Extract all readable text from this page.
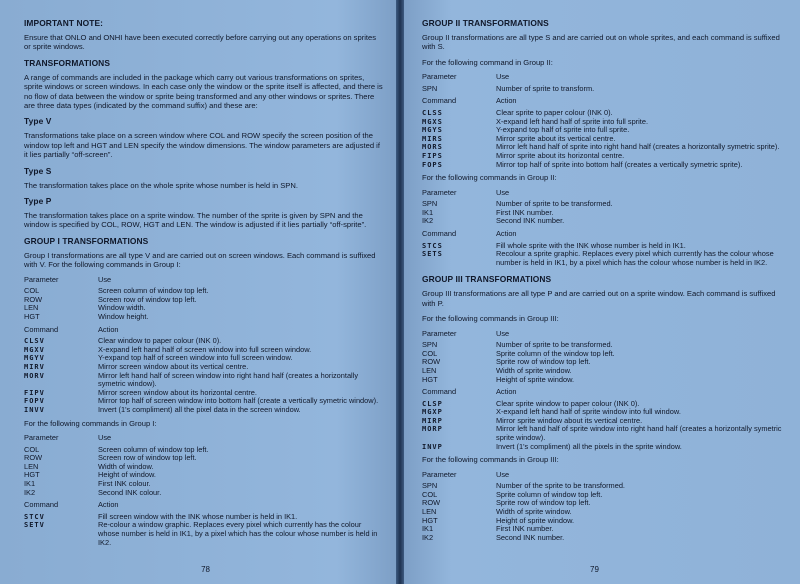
IMPORTANT NOTE:

Ensure that ONLO and ONHI have been executed correctly before carrying out any operations on sprites or sprite windows.

TRANSFORMATIONS

A range of commands are included in the package which carry out various transformations on sprites, sprite windows or screen windows. In each case only the window or the sprite itself is affected, and there is no flow of data between the window or sprite being transformed and any other windows or sprites. There are three data types (indicated by the command suffix) and these are:

Type V

Transformations take place on a screen window where COL and ROW specify the screen position of the window top left and HGT and LEN specify the window dimensions. The window parameters are adjusted if it lies partially “off-screen”.

Type S

The transformation takes place on the whole sprite whose number is held in SPN.

Type P

The transformation takes place on a sprite window. The number of the sprite is given by SPN and the window is specified by COL, ROW, HGT and LEN. The window is adjusted if it lies partially “off-sprite”.

GROUP I TRANSFORMATIONS

Group I transformations are all type V and are carried out on screen windows. Each command is suffixed with V. For the following commands in Group I:

Parameter	Use
COL	Screen column of window top left.
ROW	Screen row of window top left.
LEN	Window width.
HGT	Window height.
Command	Action
CLSV	Clear window to paper colour (INK 0).
MGXV	X-expand left hand half of screen window into full screen window.
MGYV	Y-expand top half of screen window into full screen window.
MIRV	Mirror screen window about its vertical centre.
MORV	Mirror left hand half of screen window into right hand half (creates a horizontally symetric window).
FIPV	Mirror screen window about its horizontal centre.
FOPV	Mirror top half of screen window into bottom half (create a vertically symetric window).
INVV	Invert (1's compliment) all the pixel data in the screen window.

For the following commands in Group I:

Parameter	Use
COL	Screen column of window top left.
ROW	Screen row of window top left.
LEN	Width of window.
HGT	Height of window.
IK1	First INK colour.
IK2	Second INK colour.
Command	Action
STCV	Fill screen window with the INK whose number is held in IK1.
SETV	Re-colour a window graphic. Replaces every pixel which currently has the colour whose number is held in IK1, by a pixel which has the colour whose number is held in IK2.
78
GROUP II TRANSFORMATIONS

Group II transformations are all type S and are carried out on whole sprites, and each command is suffixed with S.

For the following command in Group II:

Parameter	Use
SPN	Number of sprite to transform.
Command	Action
CLSS	Clear sprite to paper colour (INK 0).
MGXS	X-expand left hand half of sprite into full sprite.
MGYS	Y-expand top half of sprite into full sprite.
MIRS	Mirror sprite about its vertical centre.
MORS	Mirror left hand half of sprite into right hand half (creates a horizontally symetric sprite).
FIPS	Mirror sprite about its horizontal centre.
FOPS	Mirror top half of sprite into bottom half (creates a vertically symetric sprite).

For the following commands in Group II:

Parameter	Use
SPN	Number of sprite to be transformed.
IK1	First INK number.
IK2	Second INK number.
Command	Action
STCS	Fill whole sprite with the INK whose number is held in IK1.
SETS	Recolour a sprite graphic. Replaces every pixel which currently has the colour whose number is held in IK1, by a pixel which has the colour whose number is held in IK2.
GROUP III TRANSFORMATIONS

Group III transformations are all type P and are carried out on a sprite window. Each command is suffixed with P.

For the following commands in Group III:

Parameter	Use
SPN	Number of sprite to be transformed.
COL	Sprite column of the window top left.
ROW	Sprite row of window top left.
LEN	Width of sprite window.
HGT	Height of sprite window.
Command	Action
CLSP	Clear sprite window to paper colour (INK 0).
MGXP	X-expand left hand half of sprite window into full window.
MIRP	Mirror sprite window about its vertical centre.
MORP	Mirror left hand half of sprite window into right hand half (creates a horizontally symetric sprite window).
INVP	Invert (1's compliment) all the pixels in the sprite window.

For the following commands in Group III:

Parameter	Use
SPN	Number of the sprite to be transformed.
COL	Sprite column of window top left.
ROW	Sprite row of window top left.
LEN	Width of sprite window.
HGT	Height of sprite window.
IK1	First INK number.
IK2	Second INK number.
79
